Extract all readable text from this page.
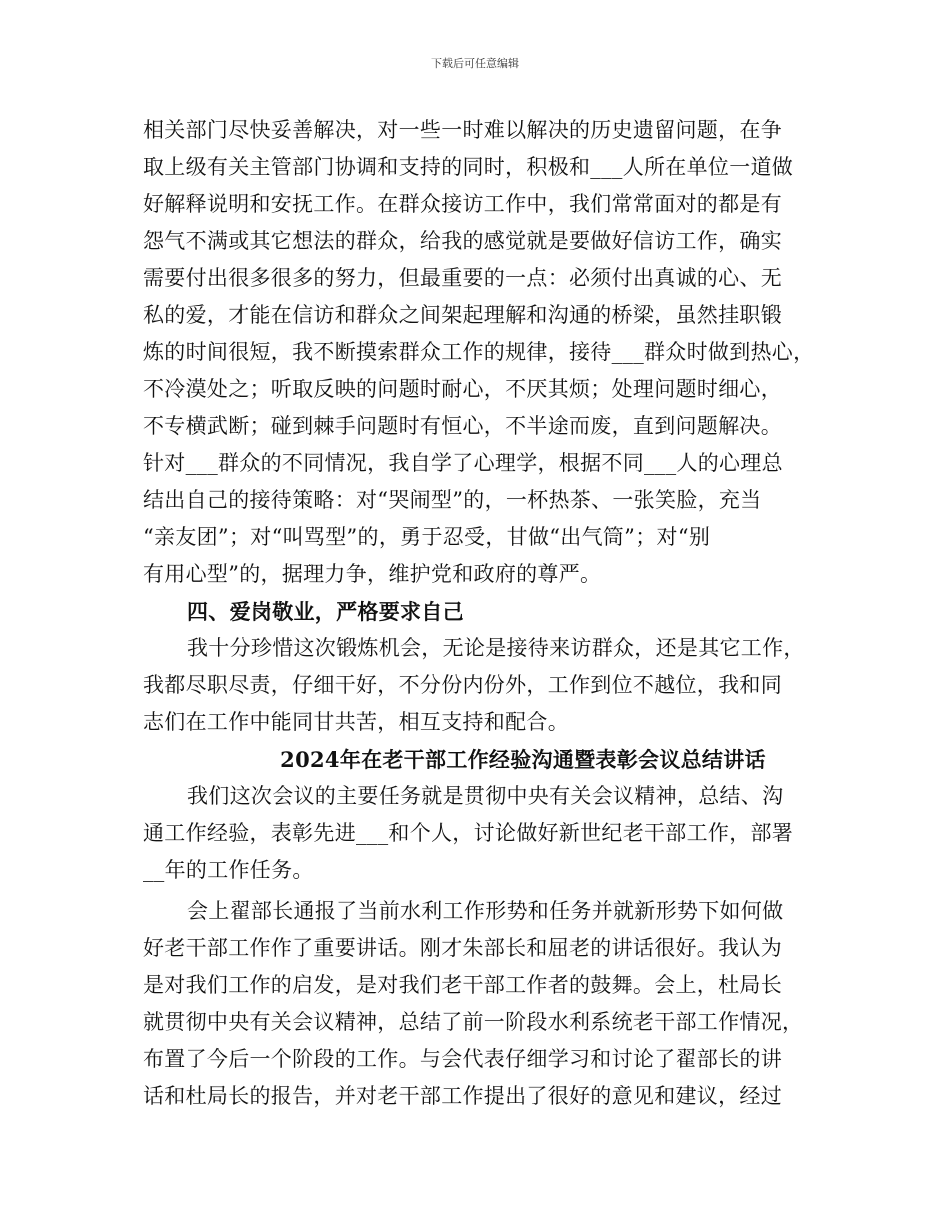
下载后可任意编辑
相关部门尽快妥善解决，对一些一时难以解决的历史遗留问题，在争
取上级有关主管部门协调和支持的同时，积极和___人所在单位一道做
好解释说明和安抚工作。在群众接访工作中，我们常常面对的都是有
怨气不满或其它想法的群众，给我的感觉就是要做好信访工作，确实
需要付出很多很多的努力，但最重要的一点：必须付出真诚的心、无
私的爱，才能在信访和群众之间架起理解和沟通的桥梁，虽然挂职锻
炼的时间很短，我不断摸索群众工作的规律，接待___群众时做到热心，
不冷漠处之；听取反映的问题时耐心，不厌其烦；处理问题时细心，
不专横武断；碰到棘手问题时有恒心，不半途而废，直到问题解决。
针对___群众的不同情况，我自学了心理学，根据不同___人的心理总
结出自己的接待策略：对“哭闹型”的，一杯热茶、一张笑脸，充当
“亲友团”；对“叫骂型”的，勇于忍受，甘做“出气筒”；对“别
有用心型”的，据理力争，维护党和政府的尊严。
四、爱岗敬业，严格要求自己
我十分珍惜这次锻炼机会，无论是接待来访群众，还是其它工作，
我都尽职尽责，仔细干好，不分份内份外，工作到位不越位，我和同
志们在工作中能同甘共苦，相互支持和配合。
2024年在老干部工作经验沟通暨表彰会议总结讲话
我们这次会议的主要任务就是贯彻中央有关会议精神，总结、沟
通工作经验，表彰先进___和个人，讨论做好新世纪老干部工作，部署
__年的工作任务。
会上翟部长通报了当前水利工作形势和任务并就新形势下如何做
好老干部工作作了重要讲话。刚才朱部长和屈老的讲话很好。我认为
是对我们工作的启发，是对我们老干部工作者的鼓舞。会上，杜局长
就贯彻中央有关会议精神，总结了前一阶段水利系统老干部工作情况，
布置了今后一个阶段的工作。与会代表仔细学习和讨论了翟部长的讲
话和杜局长的报告，并对老干部工作提出了很好的意见和建议，经过
